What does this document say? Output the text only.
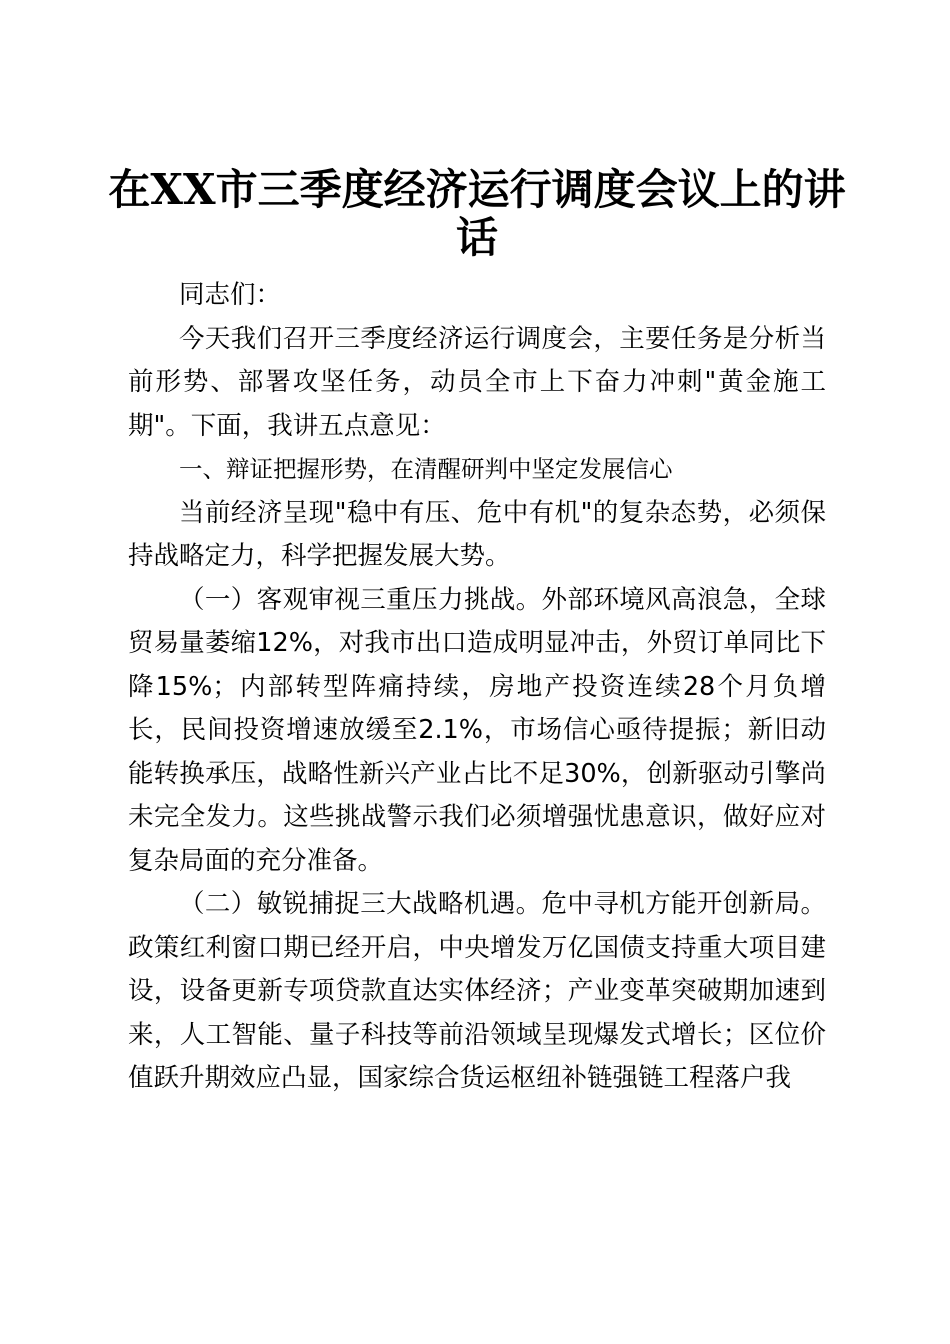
在XX市三季度经济运行调度会议上的讲话

同志们：

今天我们召开三季度经济运行调度会，主要任务是分析当前形势、部署攻坚任务，动员全市上下奋力冲刺"黄金施工期"。下面，我讲五点意见：

一、辩证把握形势，在清醒研判中坚定发展信心

当前经济呈现"稳中有压、危中有机"的复杂态势，必须保持战略定力，科学把握发展大势。

（一）客观审视三重压力挑战。外部环境风高浪急，全球贸易量萎缩12%，对我市出口造成明显冲击，外贸订单同比下降15%；内部转型阵痛持续，房地产投资连续28个月负增长，民间投资增速放缓至2.1%，市场信心亟待提振；新旧动能转换承压，战略性新兴产业占比不足30%，创新驱动引擎尚未完全发力。这些挑战警示我们必须增强忧患意识，做好应对复杂局面的充分准备。

（二）敏锐捕捉三大战略机遇。危中寻机方能开创新局。政策红利窗口期已经开启，中央增发万亿国债支持重大项目建设，设备更新专项贷款直达实体经济；产业变革突破期加速到来，人工智能、量子科技等前沿领域呈现爆发式增长；区位价值跃升期效应凸显，国家综合货运枢纽补链强链工程落户我
